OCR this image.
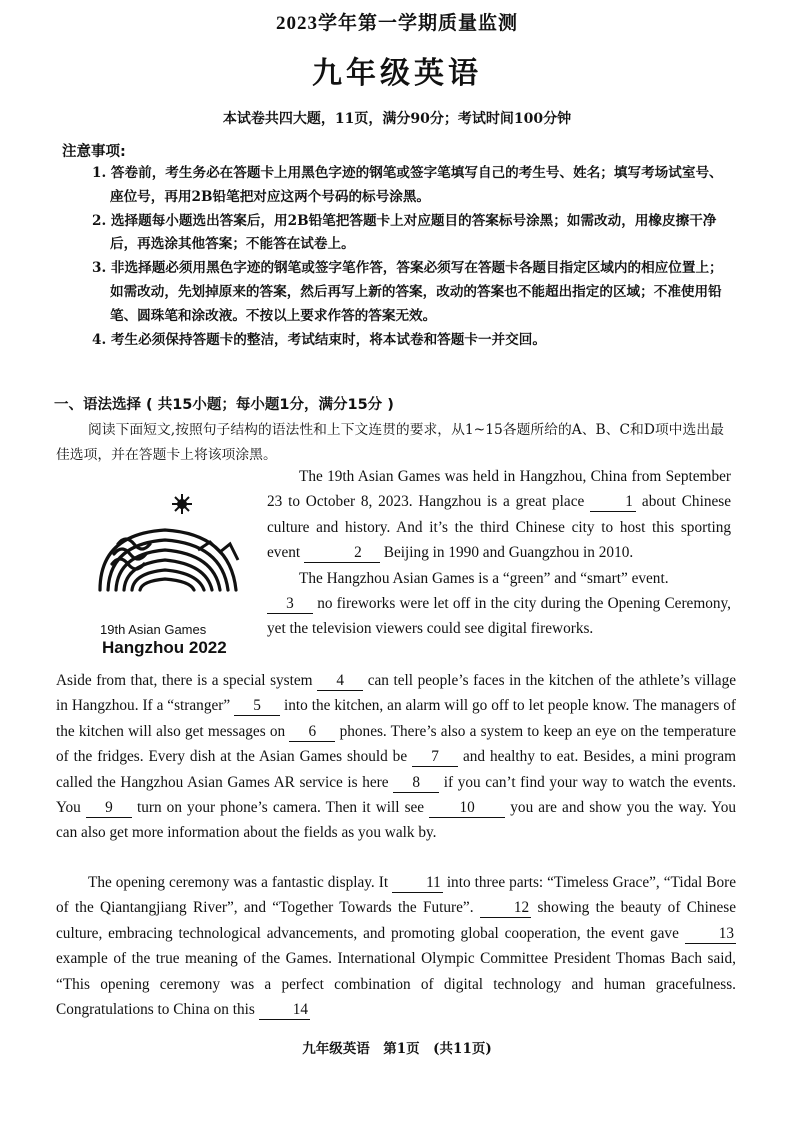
2023学年第一学期质量监测
九年级英语
本试卷共四大题，11页，满分90分；考试时间100分钟
注意事项:
1. 答卷前，考生务必在答题卡上用黑色字迹的钢笔或签字笔填写自己的考生号、姓名；填写考场试室号、座位号，再用2B铅笔把对应这两个号码的标号涂黑。
2. 选择题每小题选出答案后，用2B铅笔把答题卡上对应题目的答案标号涂黑；如需改动，用橡皮擦干净后，再选涂其他答案；不能答在试卷上。
3. 非选择题必须用黑色字迹的钢笔或签字笔作答，答案必须写在答题卡各题目指定区域内的相应位置上；如需改动，先划掉原来的答案，然后再写上新的答案，改动的答案也不能超出指定的区域；不准使用铅笔、圆珠笔和涂改液。不按以上要求作答的答案无效。
4. 考生必须保持答题卡的整洁，考试结束时，将本试卷和答题卡一并交回。
一、语法选择 ( 共15小题；每小题1分，满分15分 )
阅读下面短文,按照句子结构的语法性和上下文连贯的要求，从1~15各题所给的A、B、C和D项中选出最佳选项，并在答题卡上将该项涂黑。
19th Asian Games
Hangzhou 2022
The 19th Asian Games was held in Hangzhou, China from September 23 to October 8, 2023. Hangzhou is a great place	1 about Chinese culture and history. And it’s the third Chinese city to host this sporting event	2 Beijing in 1990 and Guangzhou in 2010.
The Hangzhou Asian Games is a “green” and “smart” event.
3 no fireworks were let off in the city during the Opening Ceremony, yet the television viewers could see digital fireworks.
Aside from that, there is a special system 4 can tell people’s faces in the kitchen of the athlete’s village in Hangzhou. If a “stranger” 5 into the kitchen, an alarm will go off to let people know. The managers of the kitchen will also get messages on 6 phones. There’s also a system to keep an eye on the temperature of the fridges. Every dish at the Asian Games should be 7 and healthy to eat. Besides, a mini program called the Hangzhou Asian Games AR service is here 8 if you can’t find your way to watch the events. You 9 turn on your phone’s camera. Then it will see 10 you are and show you the way. You can also get more information about the fields as you walk by.
The opening ceremony was a fantastic display. It 11 into three parts: “Timeless Grace”, “Tidal Bore of the Qiantangjiang River”, and “Together Towards the Future”.	12 showing the beauty of Chinese culture, embracing technological advancements, and promoting global cooperation, the event gave	13 example of the true meaning of the Games. International Olympic Committee President Thomas Bach said, “This opening ceremony was a perfect combination of digital technology and human gracefulness. Congratulations to China on this 14
九年级英语　第1页　(共11页)
